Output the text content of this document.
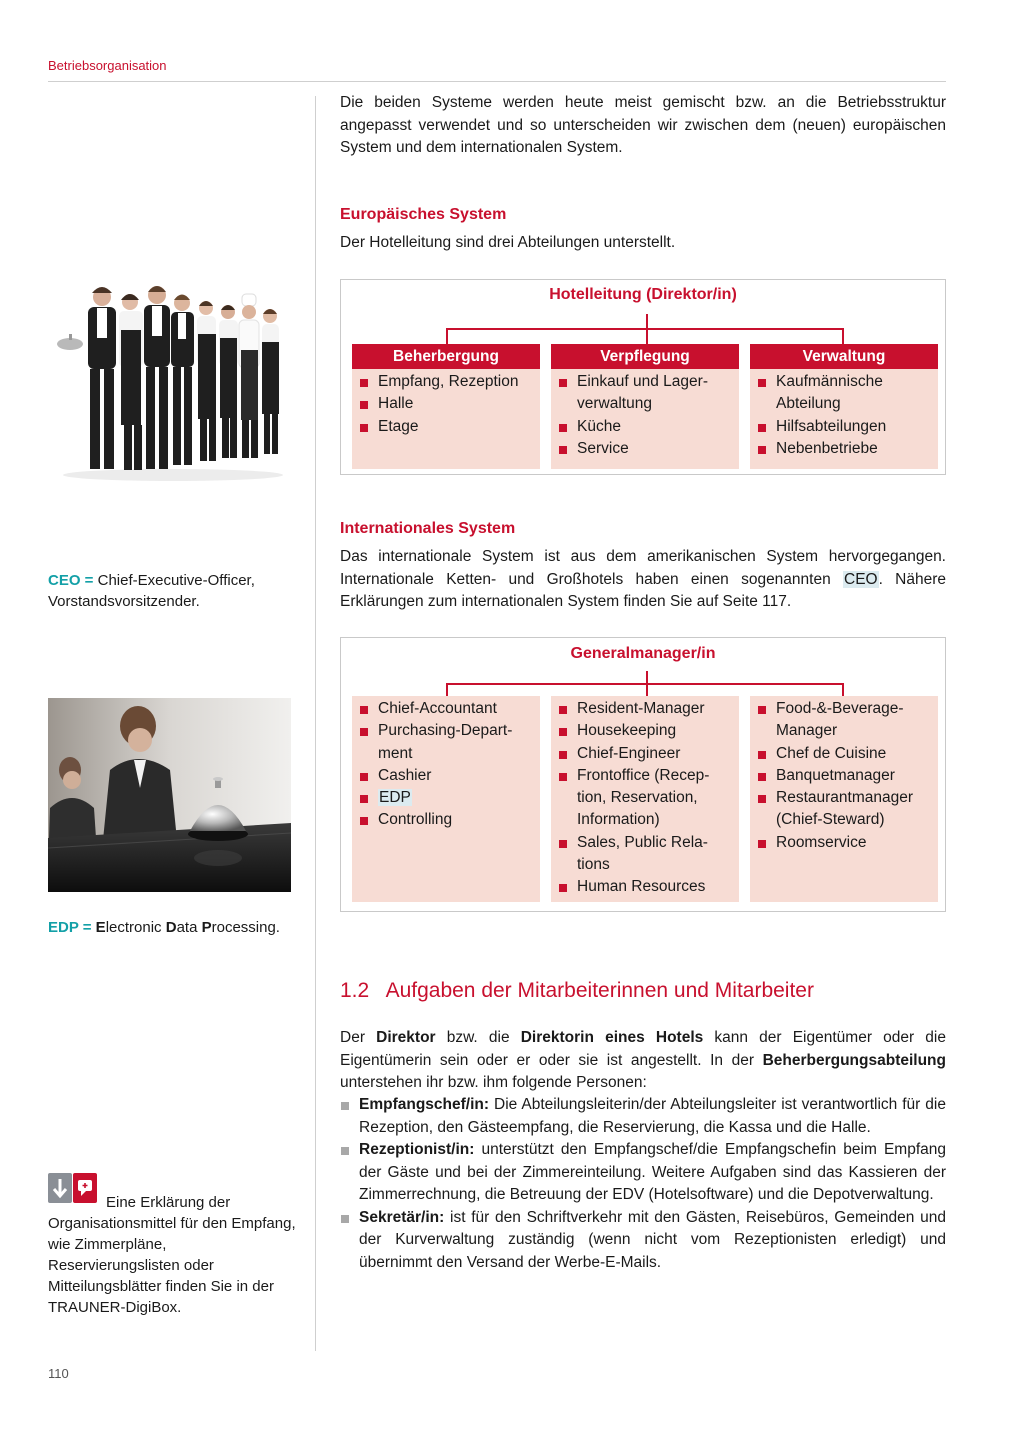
Betriebsorganisation
Die beiden Systeme werden heute meist gemischt bzw. an die Betriebsstruktur angepasst verwendet und so unterscheiden wir zwischen dem (neuen) europäischen System und dem internationalen System.
Europäisches System
Der Hotelleitung sind drei Abteilungen unterstellt.
Hotelleitung (Direktor/in)
Beherbergung
Empfang, Rezeption
Halle
Etage
Verpflegung
Einkauf und Lager-verwaltung
Küche
Service
Verwaltung
Kaufmännische Abteilung
Hilfsabteilungen
Nebenbetriebe
Internationales System
Das internationale System ist aus dem amerikanischen System hervorgegangen. Internationale Ketten- und Großhotels haben einen sogenannten CEO. Nähere Erklärungen zum internationalen System finden Sie auf Seite 117.
Generalmanager/in
Chief-Accountant
Purchasing-Depart-ment
Cashier
EDP
Controlling
Resident-Manager
Housekeeping
Chief-Engineer
Frontoffice (Recep-tion, Reservation, Information)
Sales, Public Rela-tions
Human Resources
Food-&-Beverage-Manager
Chef de Cuisine
Banquetmanager
Restaurantmanager (Chief-Steward)
Roomservice
1.2 Aufgaben der Mitarbeiterinnen und Mitarbeiter
Der Direktor bzw. die Direktorin eines Hotels kann der Eigentümer oder die Eigentümerin sein oder er oder sie ist angestellt. In der Beherbergungsabteilung unterstehen ihr bzw. ihm folgende Personen:
Empfangschef/in: Die Abteilungsleiterin/der Abteilungsleiter ist verantwortlich für die Rezeption, den Gästeempfang, die Reservierung, die Kassa und die Halle.
Rezeptionist/in: unterstützt den Empfangschef/die Empfangschefin beim Empfang der Gäste und bei der Zimmereinteilung. Weitere Aufgaben sind das Kassieren der Zimmerrechnung, die Betreuung der EDV (Hotelsoftware) und die Depotverwaltung.
Sekretär/in: ist für den Schriftverkehr mit den Gästen, Reisebüros, Gemeinden und der Kurverwaltung zuständig (wenn nicht vom Rezeptionisten erledigt) und übernimmt den Versand der Werbe-E-Mails.
CEO = Chief-Executive-Officer, Vorstandsvorsitzender.
EDP = Electronic Data Processing.
Eine Erklärung der Organisationsmittel für den Empfang, wie Zimmerpläne, Reservierungslisten oder Mitteilungsblätter finden Sie in der TRAUNER-DigiBox.
110
